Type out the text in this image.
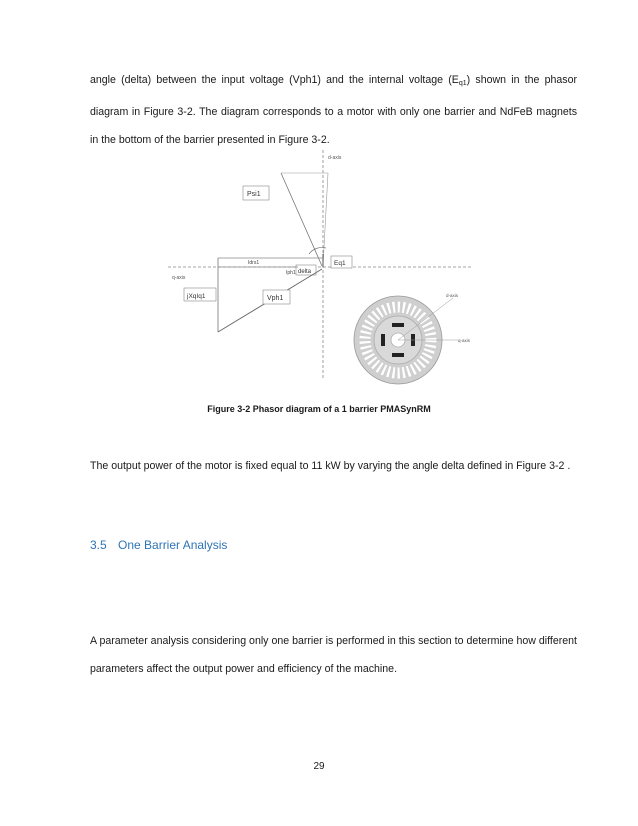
angle (delta) between the input voltage (Vph1) and the internal voltage $(E_{q1})$ shown in the phasor diagram in Figure 3-2. The diagram corresponds to a motor with only one barrier and NdFeB magnets in the bottom of the barrier presented in Figure 3-2.

d-axis
q-axis
Psi1
Eq1
delta
Idrs1
Iph1
jXqIq1	Vph1	d-axis
q-axis
Figure 3-2 Phasor diagram of a 1 barrier PMASynRM

The output power of the motor is fixed equal to 11 kW by varying the angle delta defined in Figure 3-2 .

3.5 One Barrier Analysis

A parameter analysis considering only one barrier is performed in this section to determine how different parameters affect the output power and efficiency of the machine.

29
